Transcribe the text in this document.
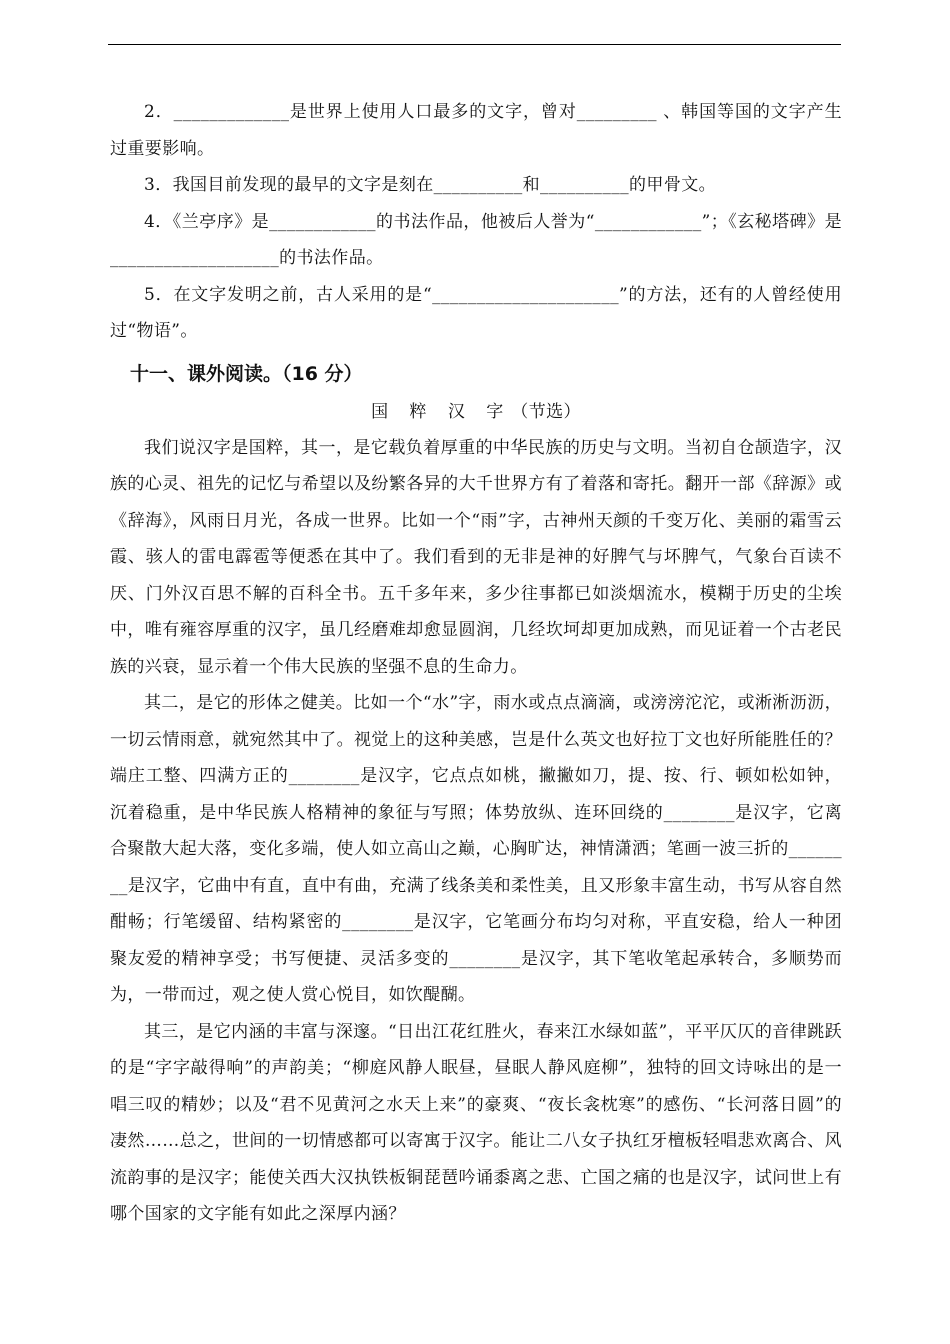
2．_____________是世界上使用人口最多的文字，曾对_________ 、韩国等国的文字产生过重要影响。

3．我国目前发现的最早的文字是刻在__________和__________的甲骨文。

4．《兰亭序》是____________的书法作品，他被后人誉为“____________”；《玄秘塔碑》是___________________的书法作品。

5．在文字发明之前，古人采用的是“_____________________”的方法，还有的人曾经使用过“物语”。

十一、课外阅读。（16 分）
国 粹 汉 字（节选）

我们说汉字是国粹，其一，是它载负着厚重的中华民族的历史与文明。当初自仓颉造字，汉族的心灵、祖先的记忆与希望以及纷繁各异的大千世界方有了着落和寄托。翻开一部《辞源》或《辞海》，风雨日月光，各成一世界。比如一个“雨”字，古神州天颜的千变万化、美丽的霜雪云霞、骇人的雷电霹雹等便悉在其中了。我们看到的无非是神的好脾气与坏脾气，气象台百读不厌、门外汉百思不解的百科全书。五千多年来，多少往事都已如淡烟流水，模糊于历史的尘埃中，唯有雍容厚重的汉字，虽几经磨难却愈显圆润，几经坎坷却更加成熟，而见证着一个古老民族的兴衰，显示着一个伟大民族的坚强不息的生命力。

其二，是它的形体之健美。比如一个“水”字，雨水或点点滴滴，或滂滂沱沱，或淅淅沥沥，一切云情雨意，就宛然其中了。视觉上的这种美感，岂是什么英文也好拉丁文也好所能胜任的？端庄工整、四满方正的________是汉字，它点点如桃，撇撇如刀，提、按、行、顿如松如钟，沉着稳重，是中华民族人格精神的象征与写照；体势放纵、连环回绕的________是汉字，它离合聚散大起大落，变化多端，使人如立高山之巅，心胸旷达，神情潇洒；笔画一波三折的________是汉字，它曲中有直，直中有曲，充满了线条美和柔性美，且又形象丰富生动，书写从容自然酣畅；行笔缓留、结构紧密的________是汉字，它笔画分布均匀对称，平直安稳，给人一种团聚友爱的精神享受；书写便捷、灵活多变的________是汉字，其下笔收笔起承转合，多顺势而为，一带而过，观之使人赏心悦目，如饮醍醐。

其三，是它内涵的丰富与深邃。“日出江花红胜火，春来江水绿如蓝”，平平仄仄的音律跳跃的是“字字敲得响”的声韵美；“柳庭风静人眠昼，昼眠人静风庭柳”，独特的回文诗咏出的是一唱三叹的精妙；以及“君不见黄河之水天上来”的豪爽、“夜长衾枕寒”的感伤、“长河落日圆”的凄然……总之，世间的一切情感都可以寄寓于汉字。能让二八女子执红牙檀板轻唱悲欢离合、风流韵事的是汉字；能使关西大汉执铁板铜琵琶吟诵黍离之悲、亡国之痛的也是汉字，试问世上有哪个国家的文字能有如此之深厚内涵？
